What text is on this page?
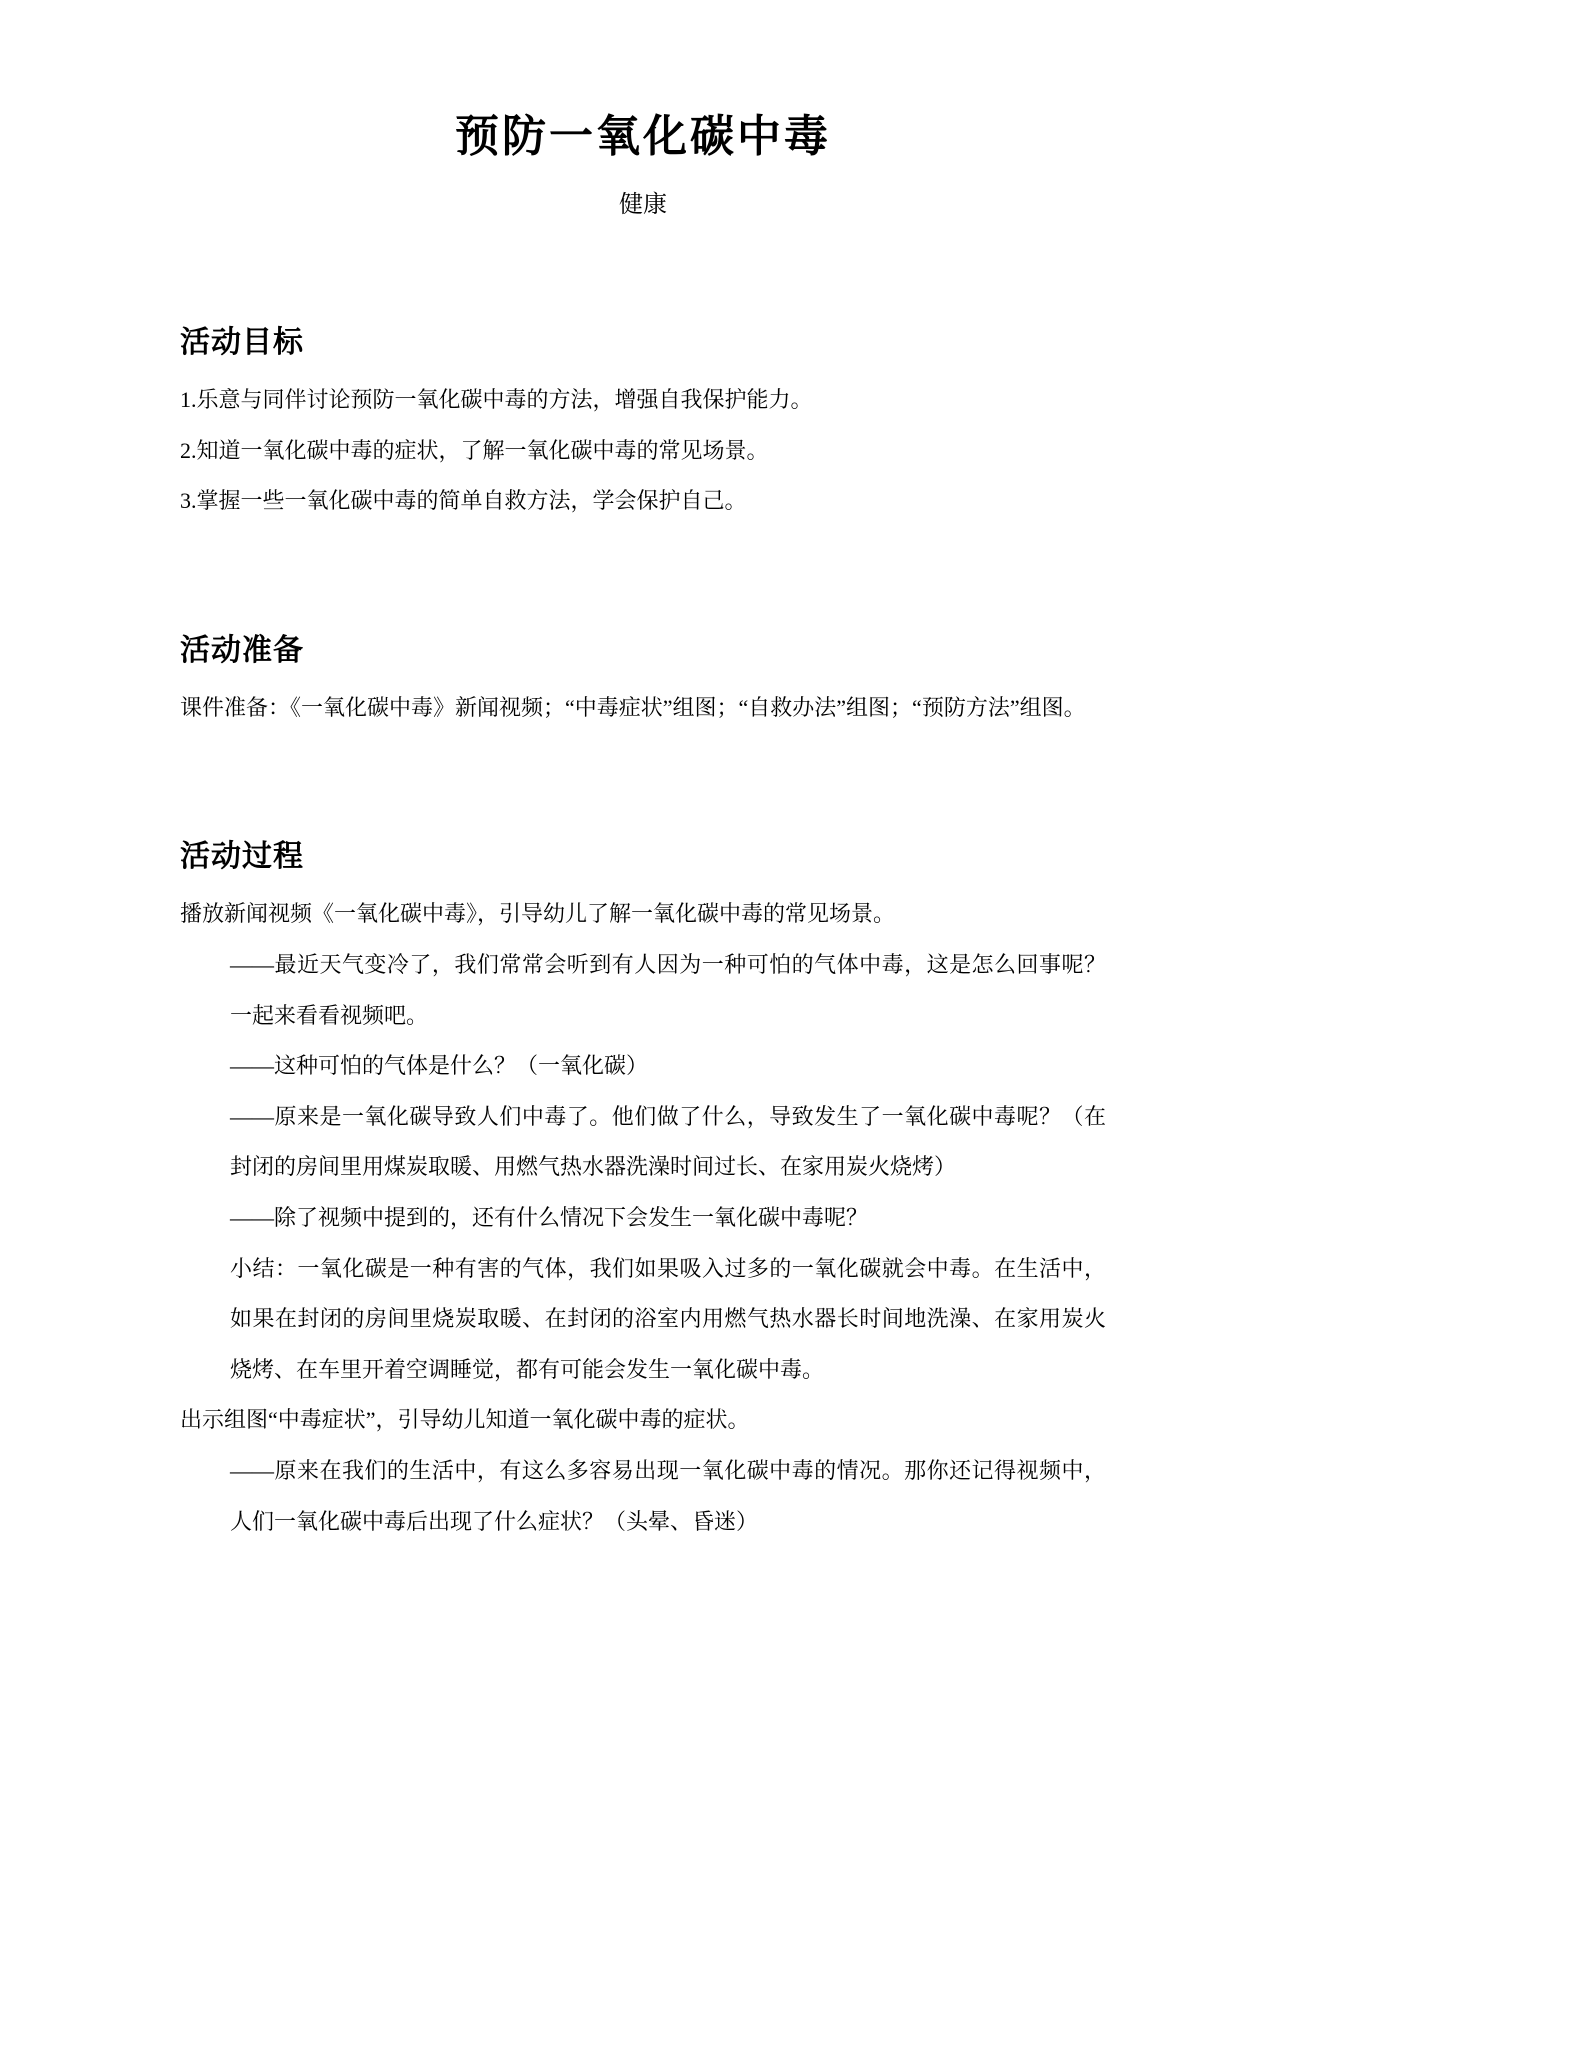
预防一氧化碳中毒
健康
活动目标

1.乐意与同伴讨论预防一氧化碳中毒的方法，增强自我保护能力。

2.知道一氧化碳中毒的症状，了解一氧化碳中毒的常见场景。

3.掌握一些一氧化碳中毒的简单自救方法，学会保护自己。

活动准备

课件准备：《一氧化碳中毒》新闻视频；“中毒症状”组图；“自救办法”组图；“预防方法”组图。

活动过程

播放新闻视频《一氧化碳中毒》，引导幼儿了解一氧化碳中毒的常见场景。

——最近天气变冷了，我们常常会听到有人因为一种可怕的气体中毒，这是怎么回事呢？一起来看看视频吧。

——这种可怕的气体是什么？（一氧化碳）

——原来是一氧化碳导致人们中毒了。他们做了什么，导致发生了一氧化碳中毒呢？（在封闭的房间里用煤炭取暖、用燃气热水器洗澡时间过长、在家用炭火烧烤）

——除了视频中提到的，还有什么情况下会发生一氧化碳中毒呢？

小结：一氧化碳是一种有害的气体，我们如果吸入过多的一氧化碳就会中毒。在生活中，如果在封闭的房间里烧炭取暖、在封闭的浴室内用燃气热水器长时间地洗澡、在家用炭火烧烤、在车里开着空调睡觉，都有可能会发生一氧化碳中毒。

出示组图“中毒症状”，引导幼儿知道一氧化碳中毒的症状。

——原来在我们的生活中，有这么多容易出现一氧化碳中毒的情况。那你还记得视频中，人们一氧化碳中毒后出现了什么症状？（头晕、昏迷）
